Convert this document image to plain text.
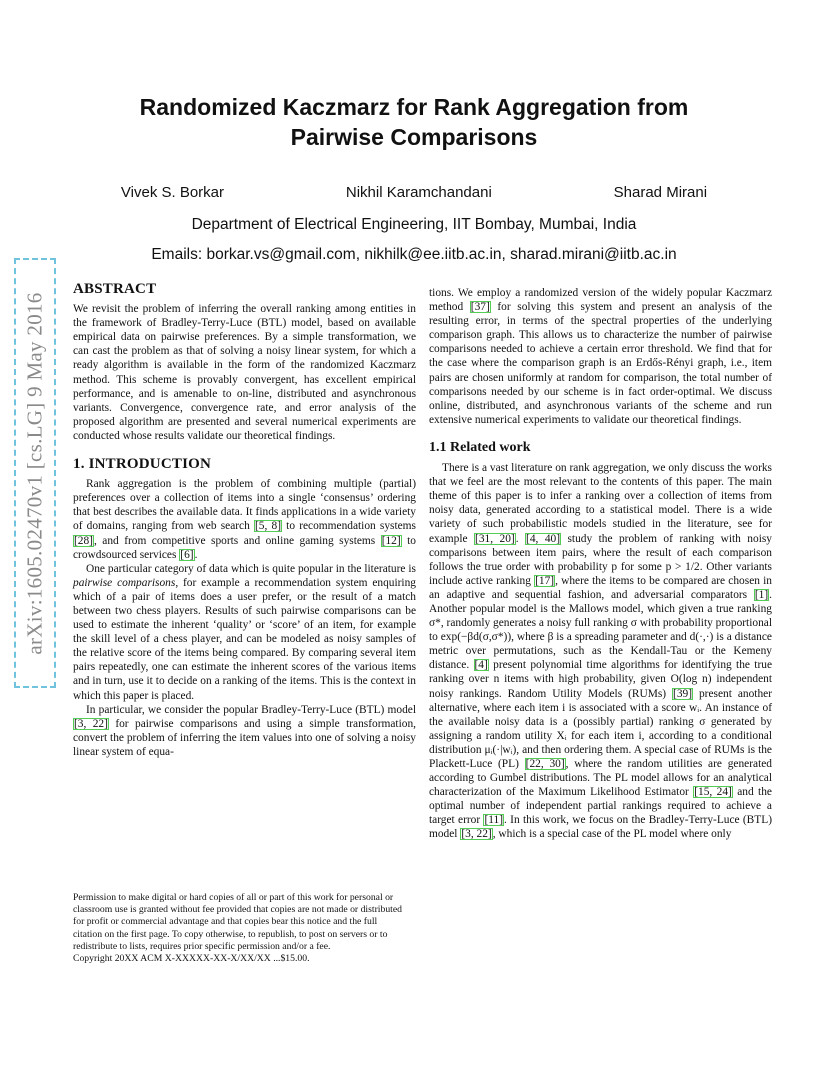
arXiv:1605.02470v1 [cs.LG] 9 May 2016
Randomized Kaczmarz for Rank Aggregation from
Pairwise Comparisons
Vivek S. Borkar	Nikhil Karamchandani	Sharad Mirani
Department of Electrical Engineering, IIT Bombay, Mumbai, India
Emails: borkar.vs@gmail.com, nikhilk@ee.iitb.ac.in, sharad.mirani@iitb.ac.in
ABSTRACT

We revisit the problem of inferring the overall ranking among entities in the framework of Bradley-Terry-Luce (BTL) model, based on available empirical data on pairwise preferences. By a simple transformation, we can cast the problem as that of solving a noisy linear system, for which a ready algorithm is available in the form of the randomized Kaczmarz method. This scheme is provably convergent, has excellent empirical performance, and is amenable to on-line, distributed and asynchronous variants. Convergence, convergence rate, and error analysis of the proposed algorithm are presented and several numerical experiments are conducted whose results validate our theoretical findings.

1. INTRODUCTION

Rank aggregation is the problem of combining multiple (partial) preferences over a collection of items into a single ‘consensus’ ordering that best describes the available data. It finds applications in a wide variety of domains, ranging from web search [5, 8] to recommendation systems [28], and from competitive sports and online gaming systems [12] to crowdsourced services [6].

One particular category of data which is quite popular in the literature is pairwise comparisons, for example a recommendation system enquiring which of a pair of items does a user prefer, or the result of a match between two chess players. Results of such pairwise comparisons can be used to estimate the inherent ‘quality’ or ‘score’ of an item, for example the skill level of a chess player, and can be modeled as noisy samples of the relative score of the items being compared. By comparing several item pairs repeatedly, one can estimate the inherent scores of the various items and in turn, use it to decide on a ranking of the items. This is the context in which this paper is placed.

In particular, we consider the popular Bradley-Terry-Luce (BTL) model [3, 22] for pairwise comparisons and using a simple transformation, convert the problem of inferring the item values into one of solving a noisy linear system of equa-

Permission to make digital or hard copies of all or part of this work for personal or classroom use is granted without fee provided that copies are not made or distributed for profit or commercial advantage and that copies bear this notice and the full citation on the first page. To copy otherwise, to republish, to post on servers or to redistribute to lists, requires prior specific permission and/or a fee.

Copyright 20XX ACM X-XXXXX-XX-X/XX/XX ...$15.00.

tions. We employ a randomized version of the widely popular Kaczmarz method [37] for solving this system and present an analysis of the resulting error, in terms of the spectral properties of the underlying comparison graph. This allows us to characterize the number of pairwise comparisons needed to achieve a certain error threshold. We find that for the case where the comparison graph is an Erdős-Rényi graph, i.e., item pairs are chosen uniformly at random for comparison, the total number of comparisons needed by our scheme is in fact order-optimal. We discuss online, distributed, and asynchronous variants of the scheme and run extensive numerical experiments to validate our theoretical findings.

1.1 Related work

There is a vast literature on rank aggregation, we only discuss the works that we feel are the most relevant to the contents of this paper. The main theme of this paper is to infer a ranking over a collection of items from noisy data, generated according to a statistical model. There is a wide variety of such probabilistic models studied in the literature, see for example [31, 20]. [4, 40] study the problem of ranking with noisy comparisons between item pairs, where the result of each comparison follows the true order with probability p for some p > 1/2. Other variants include active ranking [17], where the items to be compared are chosen in an adaptive and sequential fashion, and adversarial comparators [1]. Another popular model is the Mallows model, which given a true ranking σ*, randomly generates a noisy full ranking σ with probability proportional to exp(−βd(σ,σ*)), where β is a spreading parameter and d(·,·) is a distance metric over permutations, such as the Kendall-Tau or the Kemeny distance. [4] present polynomial time algorithms for identifying the true ranking over n items with high probability, given O(log n) independent noisy rankings. Random Utility Models (RUMs) [39] present another alternative, where each item i is associated with a score wᵢ. An instance of the available noisy data is a (possibly partial) ranking σ generated by assigning a random utility Xᵢ for each item i, according to a conditional distribution μᵢ(·|wᵢ), and then ordering them. A special case of RUMs is the Plackett-Luce (PL) [22, 30], where the random utilities are generated according to Gumbel distributions. The PL model allows for an analytical characterization of the Maximum Likelihood Estimator [15, 24] and the optimal number of independent partial rankings required to achieve a target error [11]. In this work, we focus on the Bradley-Terry-Luce (BTL) model [3, 22], which is a special case of the PL model where only
